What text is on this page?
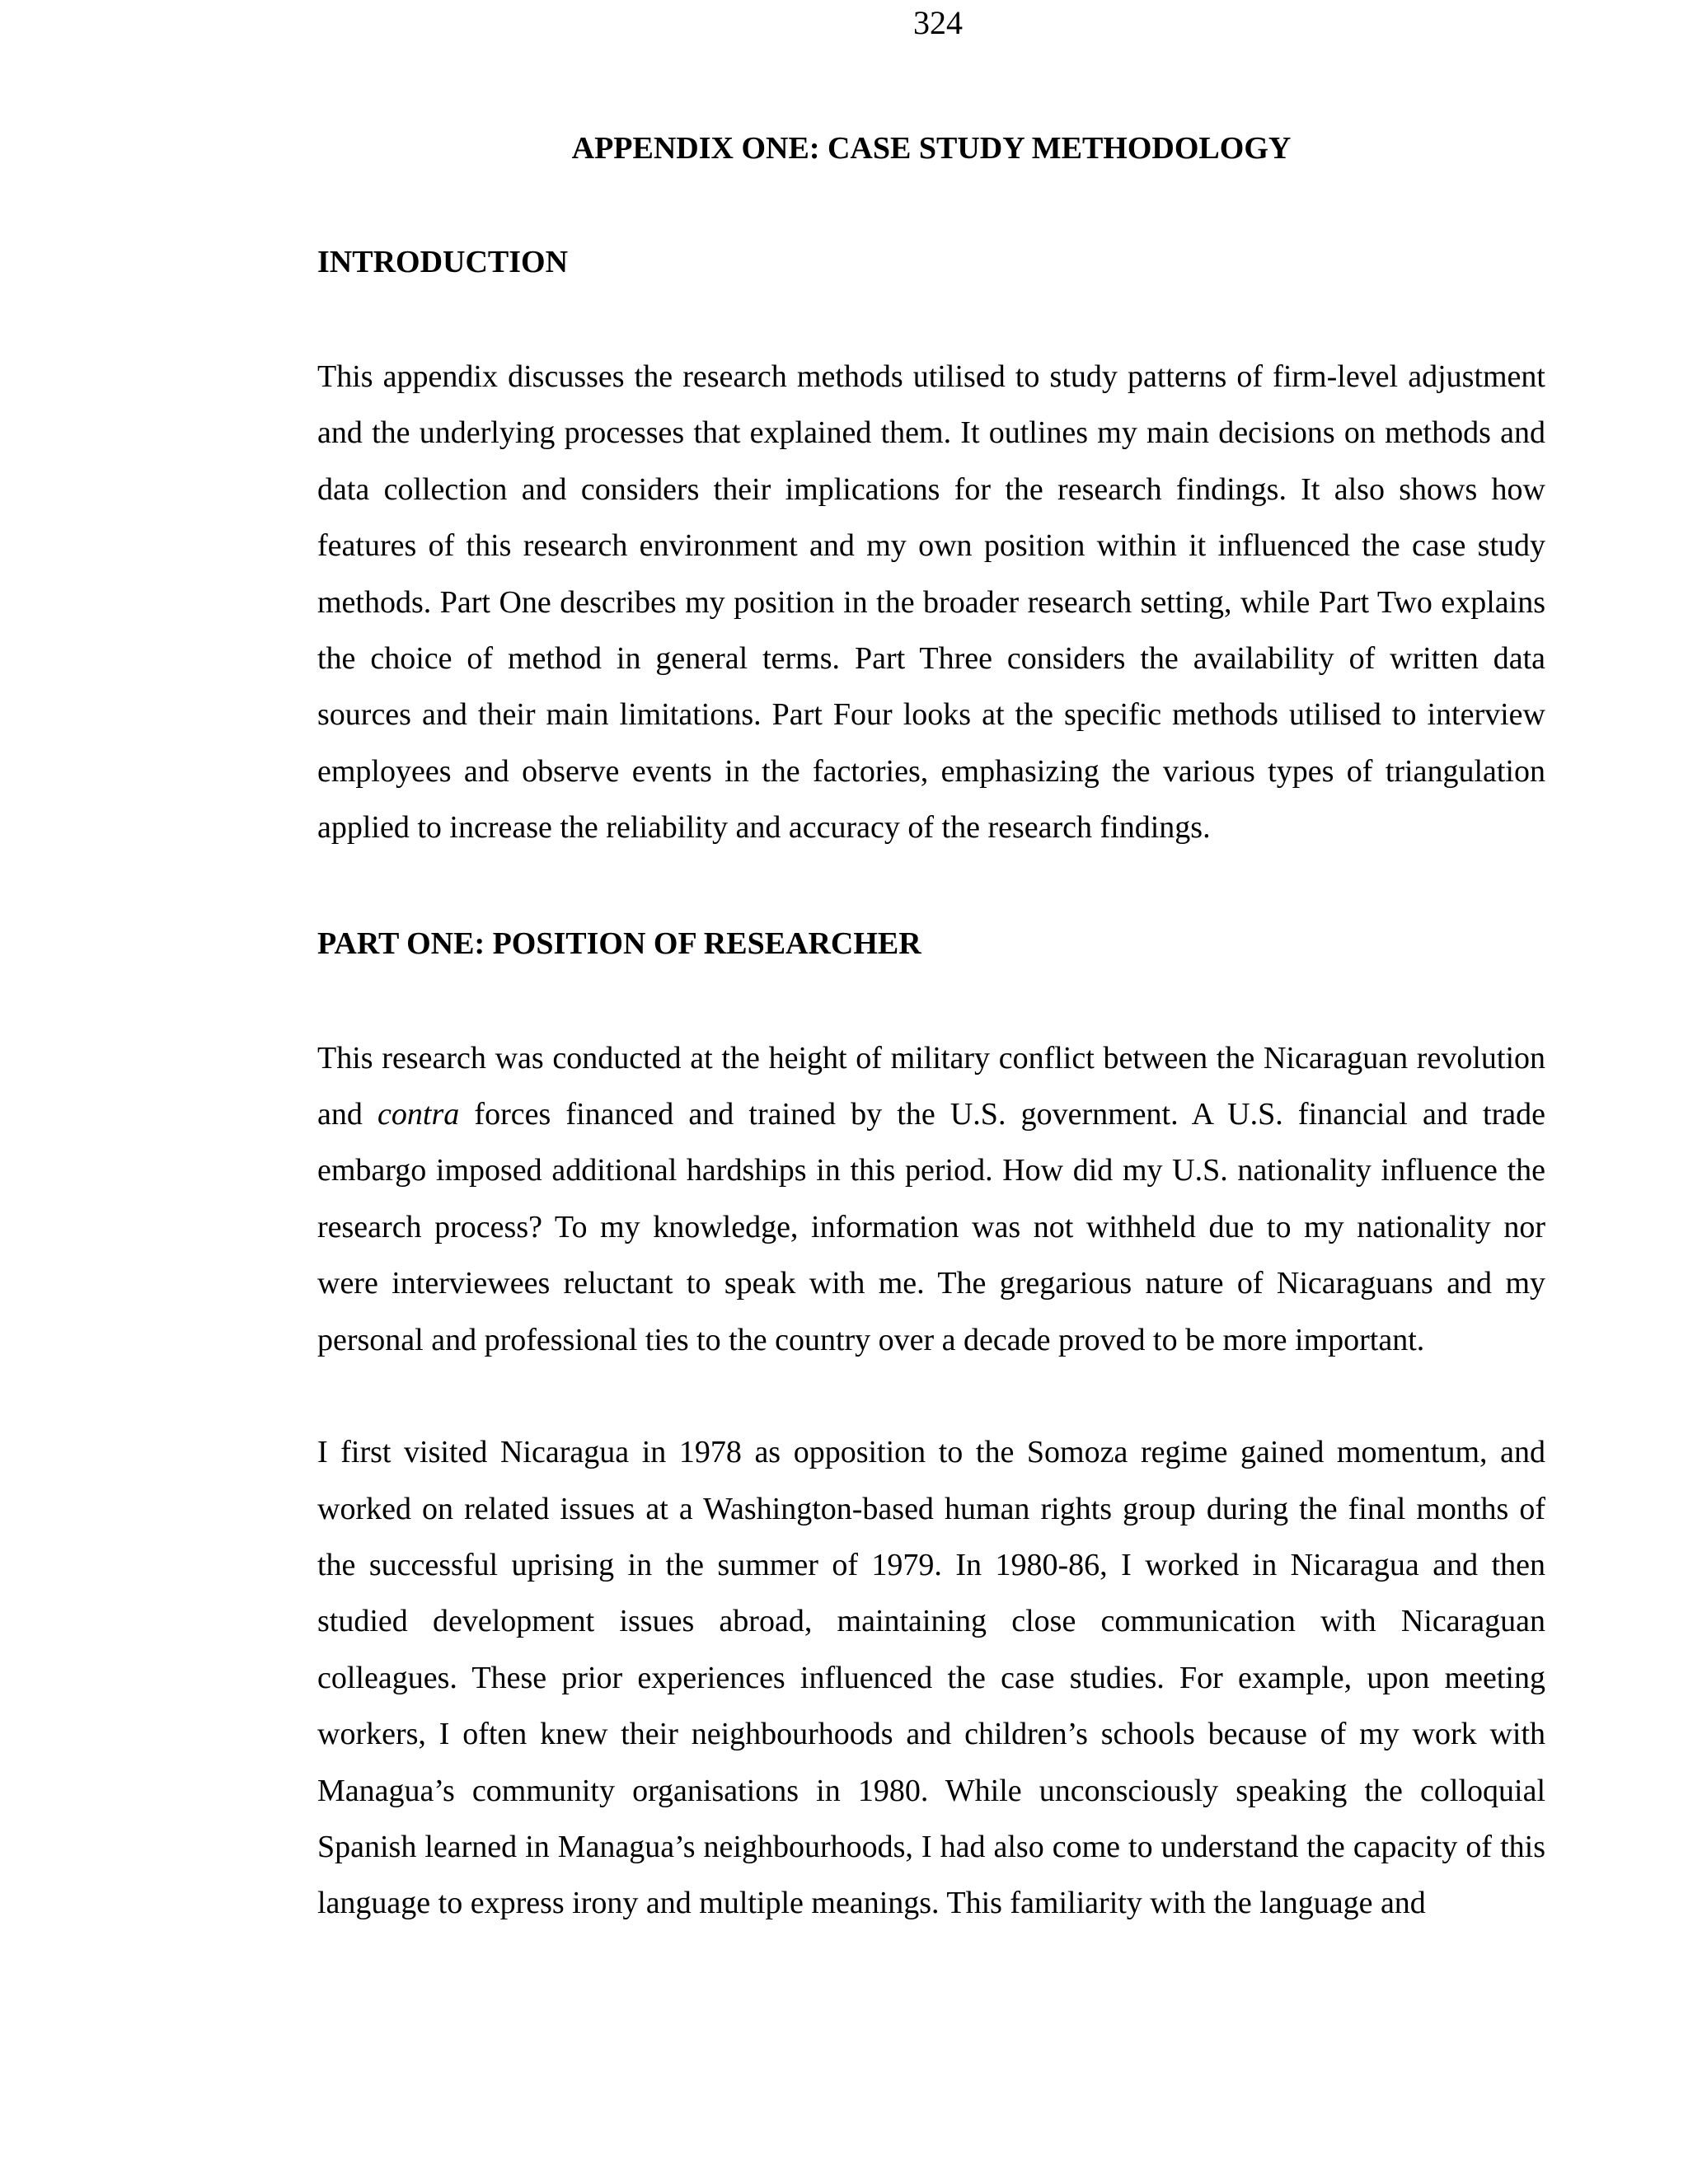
324
APPENDIX ONE: CASE STUDY METHODOLOGY
INTRODUCTION

This appendix discusses the research methods utilised to study patterns of firm-level adjustment and the underlying processes that explained them. It outlines my main decisions on methods and data collection and considers their implications for the research findings. It also shows how features of this research environment and my own position within it influenced the case study methods. Part One describes my position in the broader research setting, while Part Two explains the choice of method in general terms. Part Three considers the availability of written data sources and their main limitations. Part Four looks at the specific methods utilised to interview employees and observe events in the factories, emphasizing the various types of triangulation applied to increase the reliability and accuracy of the research findings.

PART ONE: POSITION OF RESEARCHER

This research was conducted at the height of military conflict between the Nicaraguan revolution and contra forces financed and trained by the U.S. government. A U.S. financial and trade embargo imposed additional hardships in this period. How did my U.S. nationality influence the research process? To my knowledge, information was not withheld due to my nationality nor were interviewees reluctant to speak with me. The gregarious nature of Nicaraguans and my personal and professional ties to the country over a decade proved to be more important.

I first visited Nicaragua in 1978 as opposition to the Somoza regime gained momentum, and worked on related issues at a Washington-based human rights group during the final months of the successful uprising in the summer of 1979. In 1980-86, I worked in Nicaragua and then studied development issues abroad, maintaining close communication with Nicaraguan colleagues. These prior experiences influenced the case studies. For example, upon meeting workers, I often knew their neighbourhoods and children’s schools because of my work with Managua’s community organisations in 1980. While unconsciously speaking the colloquial Spanish learned in Managua’s neighbourhoods, I had also come to understand the capacity of this language to express irony and multiple meanings. This familiarity with the language and
